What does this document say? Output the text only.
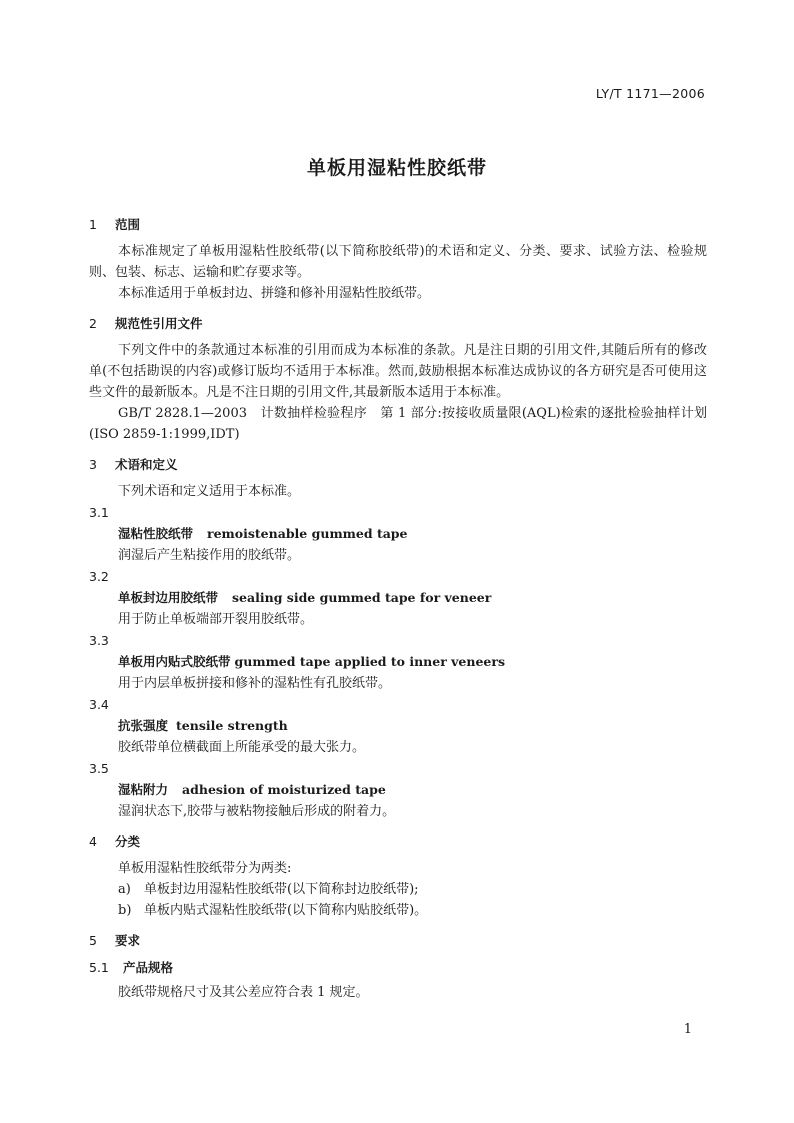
LY/T 1171—2006
单板用湿粘性胶纸带
1 范围

本标准规定了单板用湿粘性胶纸带(以下简称胶纸带)的术语和定义、分类、要求、试验方法、检验规则、包装、标志、运输和贮存要求等。

本标准适用于单板封边、拼缝和修补用湿粘性胶纸带。

2 规范性引用文件

下列文件中的条款通过本标准的引用而成为本标准的条款。凡是注日期的引用文件,其随后所有的修改单(不包括勘误的内容)或修订版均不适用于本标准。然而,鼓励根据本标准达成协议的各方研究是否可使用这些文件的最新版本。凡是不注日期的引用文件,其最新版本适用于本标准。

GB/T 2828.1—2003　计数抽样检验程序　第 1 部分:按接收质量限(AQL)检索的逐批检验抽样计划(ISO 2859-1:1999,IDT)

3 术语和定义

下列术语和定义适用于本标准。

3.1

湿粘性胶纸带 remoistenable gummed tape

润湿后产生粘接作用的胶纸带。

3.2

单板封边用胶纸带 sealing side gummed tape for veneer

用于防止单板端部开裂用胶纸带。

3.3

单板用内贴式胶纸带 gummed tape applied to inner veneers

用于内层单板拼接和修补的湿粘性有孔胶纸带。

3.4

抗张强度 tensile strength

胶纸带单位横截面上所能承受的最大张力。

3.5

湿粘附力 adhesion of moisturized tape

湿润状态下,胶带与被粘物接触后形成的附着力。

4 分类

单板用湿粘性胶纸带分为两类:

a) 单板封边用湿粘性胶纸带(以下简称封边胶纸带);

b) 单板内贴式湿粘性胶纸带(以下简称内贴胶纸带)。

5 要求
5.1 产品规格

胶纸带规格尺寸及其公差应符合表 1 规定。

1
